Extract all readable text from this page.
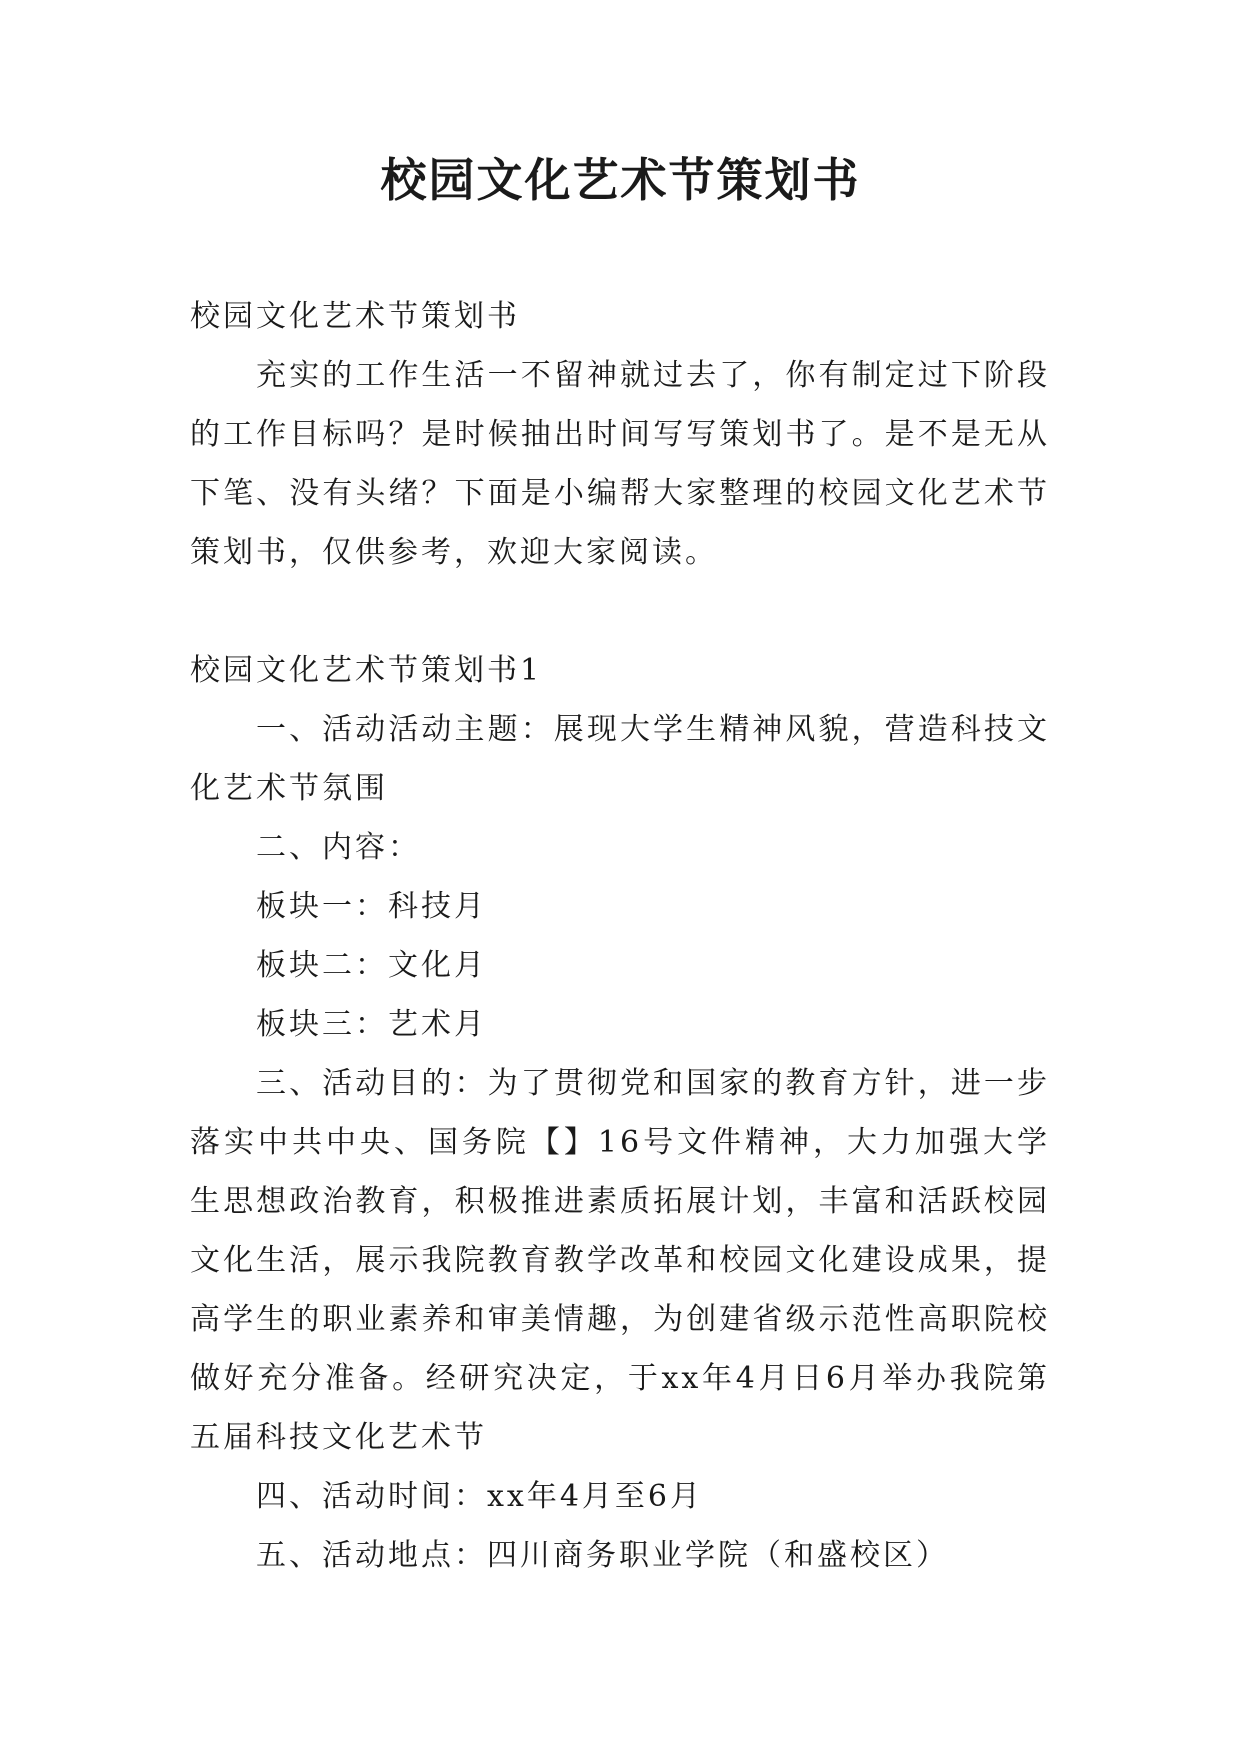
校园文化艺术节策划书

校园文化艺术节策划书

充实的工作生活一不留神就过去了，你有制定过下阶段的工作目标吗？是时候抽出时间写写策划书了。是不是无从下笔、没有头绪？下面是小编帮大家整理的校园文化艺术节策划书，仅供参考，欢迎大家阅读。

校园文化艺术节策划书1

一、活动活动主题：展现大学生精神风貌，营造科技文化艺术节氛围

二、内容：

板块一：科技月

板块二：文化月

板块三：艺术月

三、活动目的：为了贯彻党和国家的教育方针，进一步落实中共中央、国务院【】16号文件精神，大力加强大学生思想政治教育，积极推进素质拓展计划，丰富和活跃校园文化生活，展示我院教育教学改革和校园文化建设成果，提高学生的职业素养和审美情趣，为创建省级示范性高职院校做好充分准备。经研究决定，于xx年4月日6月举办我院第五届科技文化艺术节

四、活动时间：xx年4月至6月

五、活动地点：四川商务职业学院（和盛校区）
